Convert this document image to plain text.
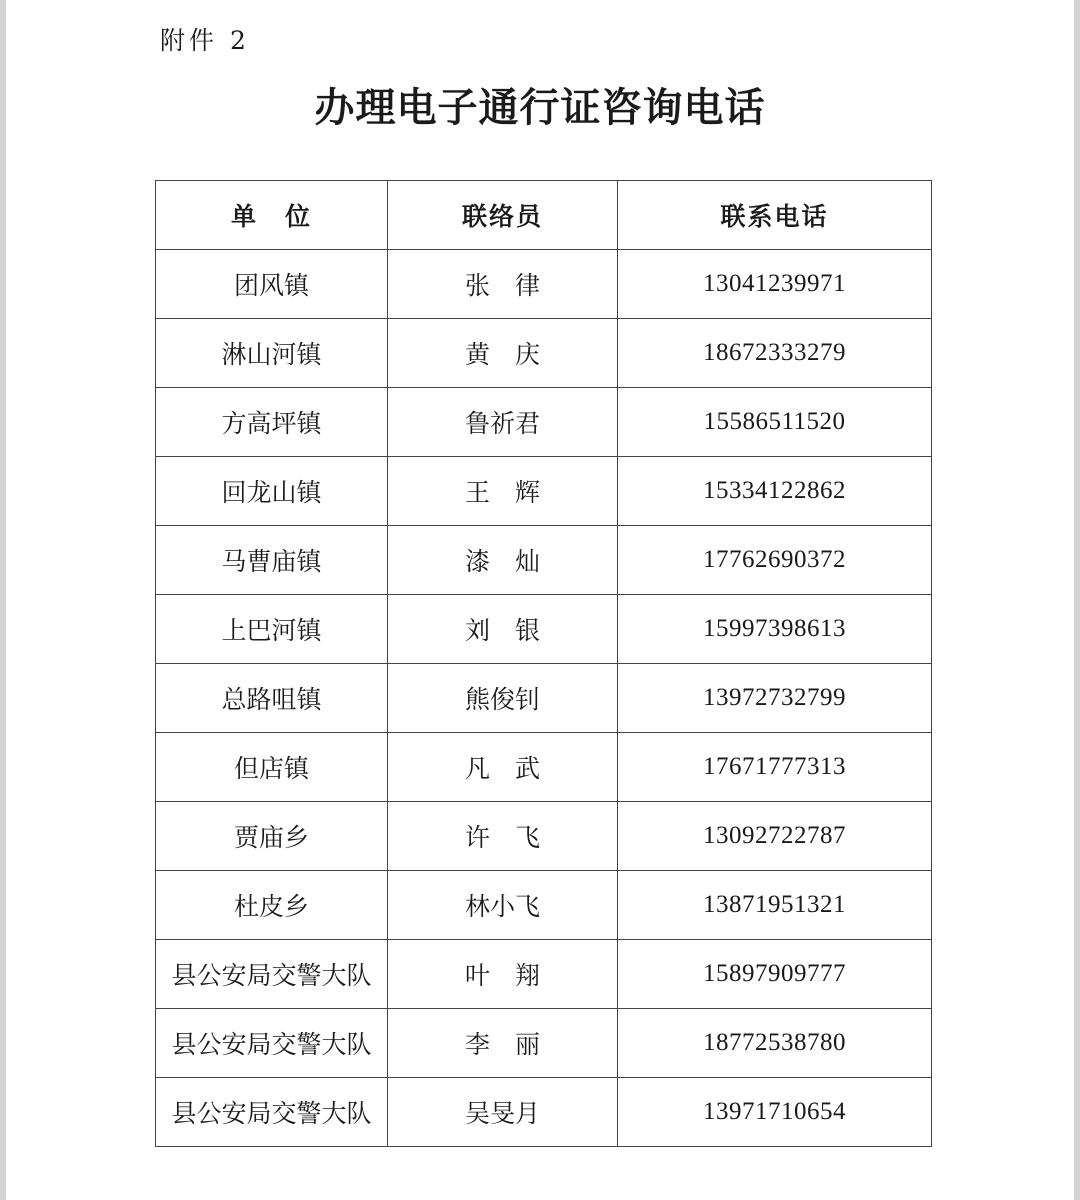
附件 2
办理电子通行证咨询电话
单　位	联络员	联系电话
团风镇	张　律	13041239971
淋山河镇	黄　庆	18672333279
方高坪镇	鲁祈君	15586511520
回龙山镇	王　辉	15334122862
马曹庙镇	漆　灿	17762690372
上巴河镇	刘　银	15997398613
总路咀镇	熊俊钊	13972732799
但店镇	凡　武	17671777313
贾庙乡	许　飞	13092722787
杜皮乡	林小飞	13871951321
县公安局交警大队	叶　翔	15897909777
县公安局交警大队	李　丽	18772538780
县公安局交警大队	吴旻月	13971710654
